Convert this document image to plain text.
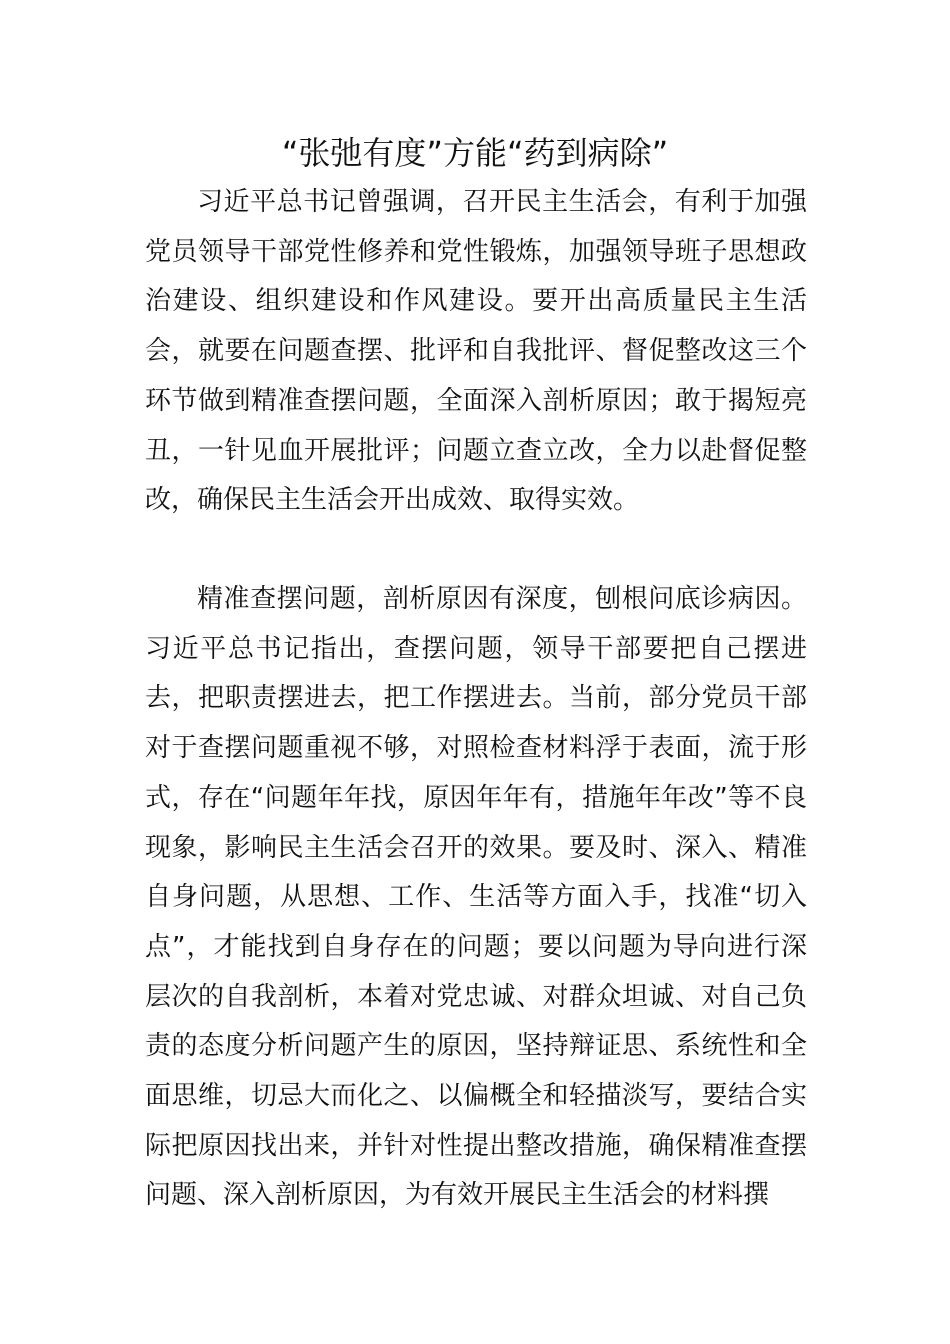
“张弛有度”方能“药到病除”

习近平总书记曾强调，召开民主生活会，有利于加强党员领导干部党性修养和党性锻炼，加强领导班子思想政治建设、组织建设和作风建设。要开出高质量民主生活会，就要在问题查摆、批评和自我批评、督促整改这三个环节做到精准查摆问题，全面深入剖析原因；敢于揭短亮丑，一针见血开展批评；问题立查立改，全力以赴督促整改，确保民主生活会开出成效、取得实效。

精准查摆问题，剖析原因有深度，刨根问底诊病因。习近平总书记指出，查摆问题，领导干部要把自己摆进去，把职责摆进去，把工作摆进去。当前，部分党员干部对于查摆问题重视不够，对照检查材料浮于表面，流于形式，存在“问题年年找，原因年年有，措施年年改”等不良现象，影响民主生活会召开的效果。要及时、深入、精准自身问题，从思想、工作、生活等方面入手，找准“切入点”，才能找到自身存在的问题；要以问题为导向进行深层次的自我剖析，本着对党忠诚、对群众坦诚、对自己负责的态度分析问题产生的原因，坚持辩证思、系统性和全面思维，切忌大而化之、以偏概全和轻描淡写，要结合实际把原因找出来，并针对性提出整改措施，确保精准查摆问题、深入剖析原因，为有效开展民主生活会的材料撰
